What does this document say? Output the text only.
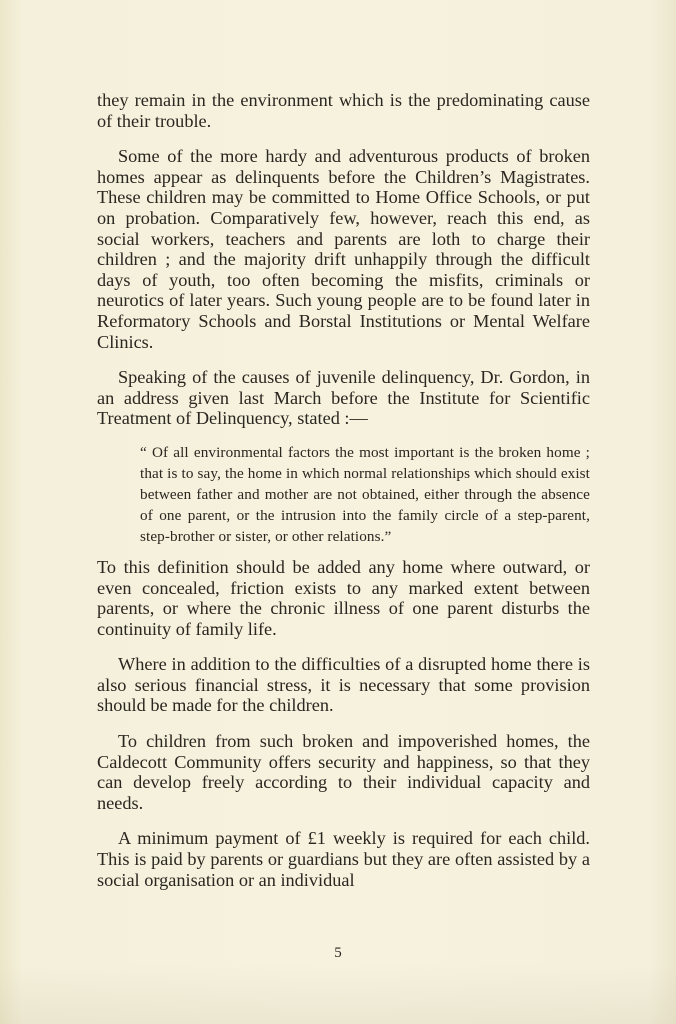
they remain in the environment which is the predominating cause of their trouble.

Some of the more hardy and adventurous products of broken homes appear as delinquents before the Children’s Magistrates. These children may be committed to Home Office Schools, or put on probation. Comparatively few, however, reach this end, as social workers, teachers and parents are loth to charge their children ; and the majority drift unhappily through the difficult days of youth, too often becoming the misfits, criminals or neurotics of later years. Such young people are to be found later in Reformatory Schools and Borstal Institutions or Mental Welfare Clinics.

Speaking of the causes of juvenile delinquency, Dr. Gordon, in an address given last March before the Institute for Scientific Treatment of Delinquency, stated :—

“ Of all environmental factors the most important is the broken home ; that is to say, the home in which normal relationships which should exist between father and mother are not obtained, either through the absence of one parent, or the intrusion into the family circle of a step-parent, step-brother or sister, or other relations.”

To this definition should be added any home where outward, or even concealed, friction exists to any marked extent between parents, or where the chronic illness of one parent disturbs the continuity of family life.

Where in addition to the difficulties of a disrupted home there is also serious financial stress, it is necessary that some provision should be made for the children.

To children from such broken and impoverished homes, the Caldecott Community offers security and happiness, so that they can develop freely according to their individual capacity and needs.

A minimum payment of £1 weekly is required for each child. This is paid by parents or guardians but they are often assisted by a social organisation or an individual

5
